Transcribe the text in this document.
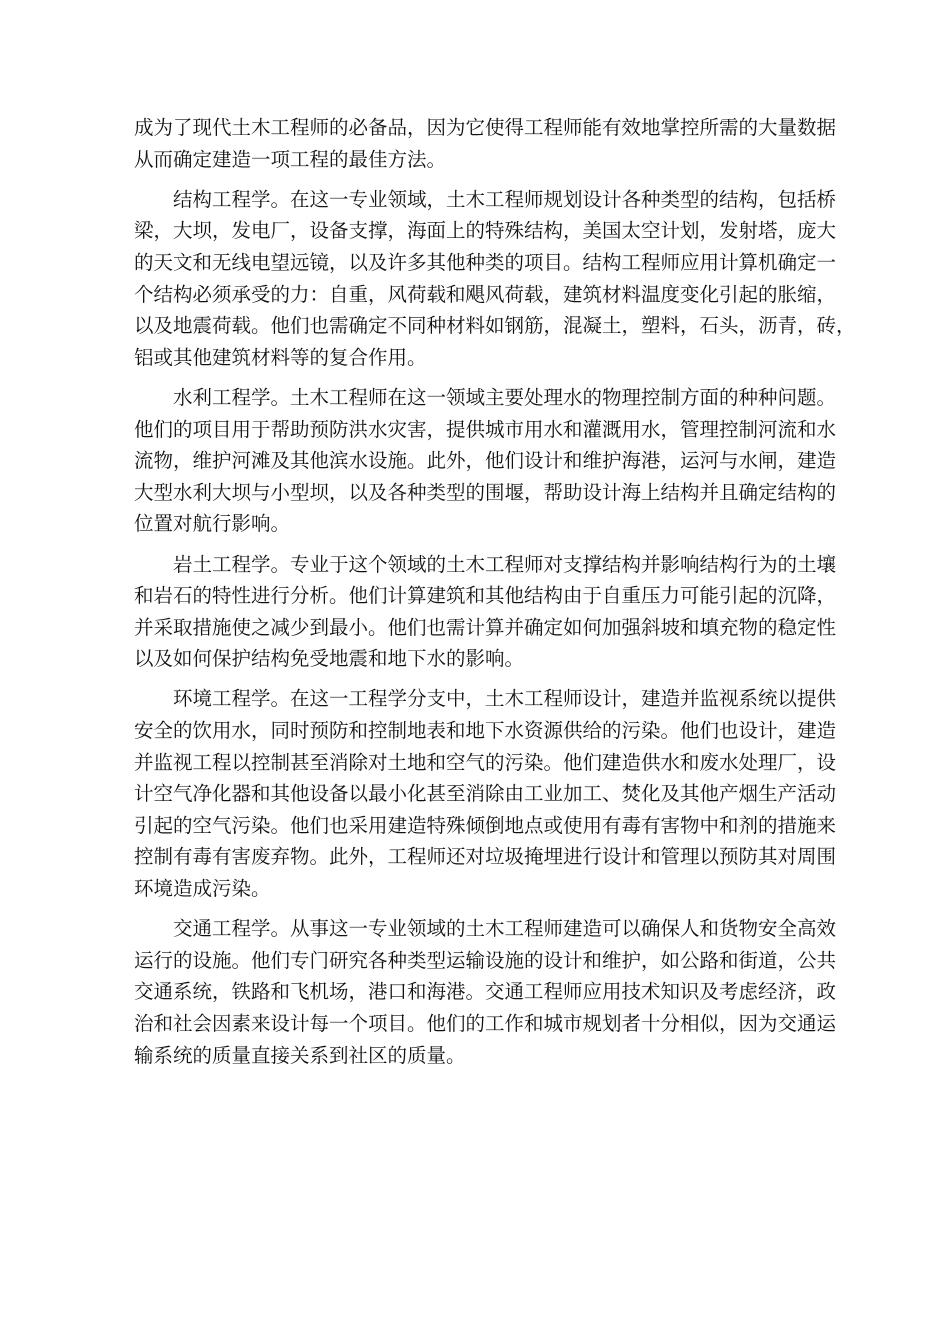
成为了现代土木工程师的必备品，因为它使得工程师能有效地掌控所需的大量数据
从而确定建造一项工程的最佳方法。
结构工程学。在这一专业领域，土木工程师规划设计各种类型的结构，包括桥
梁，大坝，发电厂，设备支撑，海面上的特殊结构，美国太空计划，发射塔，庞大
的天文和无线电望远镜，以及许多其他种类的项目。结构工程师应用计算机确定一
个结构必须承受的力：自重，风荷载和飓风荷载，建筑材料温度变化引起的胀缩，
以及地震荷载。他们也需确定不同种材料如钢筋，混凝土，塑料，石头，沥青，砖，
铝或其他建筑材料等的复合作用。
水利工程学。土木工程师在这一领域主要处理水的物理控制方面的种种问题。
他们的项目用于帮助预防洪水灾害，提供城市用水和灌溉用水，管理控制河流和水
流物，维护河滩及其他滨水设施。此外，他们设计和维护海港，运河与水闸，建造
大型水利大坝与小型坝，以及各种类型的围堰，帮助设计海上结构并且确定结构的
位置对航行影响。
岩土工程学。专业于这个领域的土木工程师对支撑结构并影响结构行为的土壤
和岩石的特性进行分析。他们计算建筑和其他结构由于自重压力可能引起的沉降，
并采取措施使之减少到最小。他们也需计算并确定如何加强斜坡和填充物的稳定性
以及如何保护结构免受地震和地下水的影响。
环境工程学。在这一工程学分支中，土木工程师设计，建造并监视系统以提供
安全的饮用水，同时预防和控制地表和地下水资源供给的污染。他们也设计，建造
并监视工程以控制甚至消除对土地和空气的污染。他们建造供水和废水处理厂，设
计空气净化器和其他设备以最小化甚至消除由工业加工、焚化及其他产烟生产活动
引起的空气污染。他们也采用建造特殊倾倒地点或使用有毒有害物中和剂的措施来
控制有毒有害废弃物。此外，工程师还对垃圾掩埋进行设计和管理以预防其对周围
环境造成污染。
交通工程学。从事这一专业领域的土木工程师建造可以确保人和货物安全高效
运行的设施。他们专门研究各种类型运输设施的设计和维护，如公路和街道，公共
交通系统，铁路和飞机场，港口和海港。交通工程师应用技术知识及考虑经济，政
治和社会因素来设计每一个项目。他们的工作和城市规划者十分相似，因为交通运
输系统的质量直接关系到社区的质量。
